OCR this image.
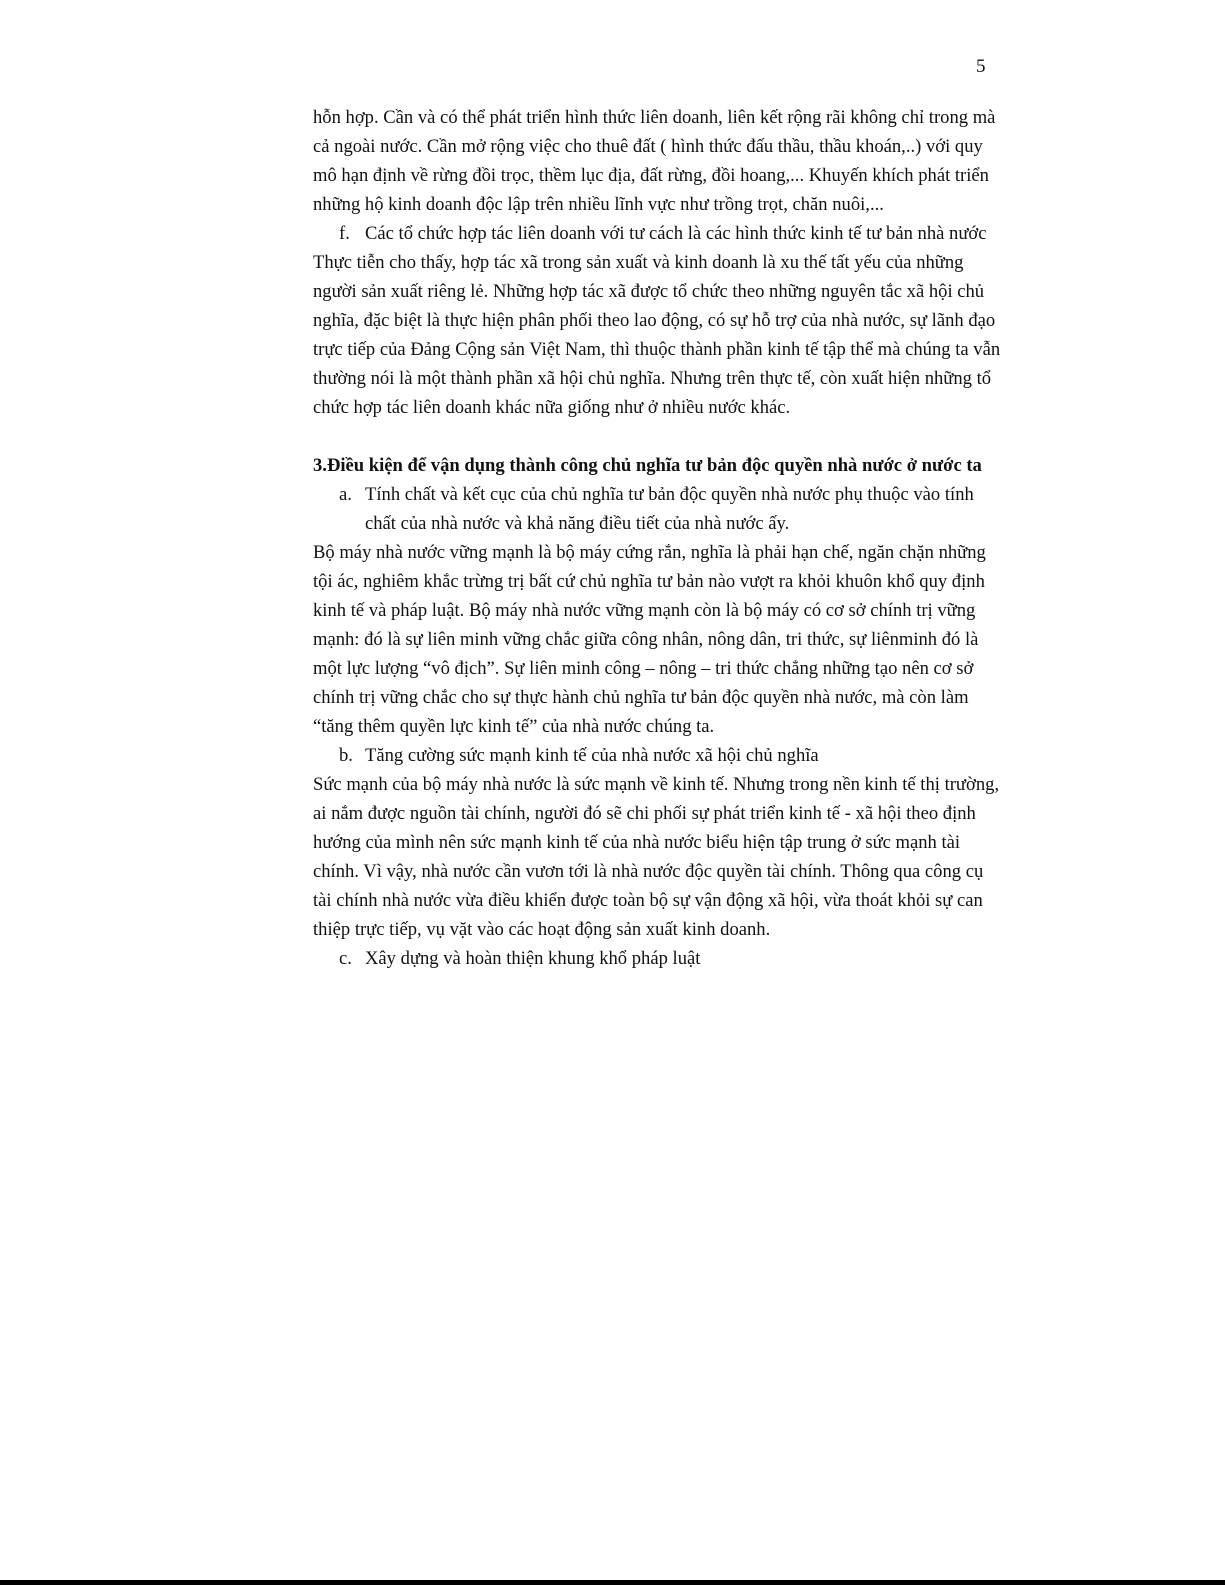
5

hỗn hợp. Cần và có thể phát triển hình thức liên doanh, liên kết rộng rãi không chỉ trong mà cả ngoài nước. Cần mở rộng việc cho thuê đất ( hình thức đấu thầu, thầu khoán,..) với quy mô hạn định về rừng đồi trọc, thềm lục địa, đất rừng, đồi hoang,... Khuyến khích phát triển những hộ kinh doanh độc lập trên nhiều lĩnh vực như trồng trọt, chăn nuôi,...

f. Các tổ chức hợp tác liên doanh với tư cách là các hình thức kinh tế tư bản nhà nước

Thực tiễn cho thấy, hợp tác xã trong sản xuất và kinh doanh là xu thế tất yếu của những người sản xuất riêng lẻ. Những hợp tác xã được tổ chức theo những nguyên tắc xã hội chủ nghĩa, đặc biệt là thực hiện phân phối theo lao động, có sự hỗ trợ của nhà nước, sự lãnh đạo trực tiếp của Đảng Cộng sản Việt Nam, thì thuộc thành phần kinh tế tập thể mà chúng ta vẫn thường nói là một thành phần xã hội chủ nghĩa. Nhưng trên thực tế, còn xuất hiện những tổ chức hợp tác liên doanh khác nữa giống như ở nhiều nước khác.

3.Điều kiện để vận dụng thành công chủ nghĩa tư bản độc quyền nhà nước ở nước ta

a. Tính chất và kết cục của chủ nghĩa tư bản độc quyền nhà nước phụ thuộc vào tính chất của nhà nước và khả năng điều tiết của nhà nước ấy.

Bộ máy nhà nước vững mạnh là bộ máy cứng rắn, nghĩa là phải hạn chế, ngăn chặn những tội ác, nghiêm khắc trừng trị bất cứ chủ nghĩa tư bản nào vượt ra khỏi khuôn khổ quy định kinh tế và pháp luật. Bộ máy nhà nước vững mạnh còn là bộ máy có cơ sở chính trị vững mạnh: đó là sự liên minh vững chắc giữa công nhân, nông dân, tri thức, sự liênminh đó là một lực lượng “vô địch”. Sự liên minh công – nông – tri thức chẳng những tạo nên cơ sở chính trị vững chắc cho sự thực hành chủ nghĩa tư bản độc quyền nhà nước, mà còn làm “tăng thêm quyền lực kinh tế” của nhà nước chúng ta.

b. Tăng cường sức mạnh kinh tế của nhà nước xã hội chủ nghĩa

Sức mạnh của bộ máy nhà nước là sức mạnh về kinh tế. Nhưng trong nền kinh tế thị trường, ai nắm được nguồn tài chính, người đó sẽ chi phối sự phát triển kinh tế - xã hội theo định hướng của mình nên sức mạnh kinh tế của nhà nước biểu hiện tập trung ở sức mạnh tài chính. Vì vậy, nhà nước cần vươn tới là nhà nước độc quyền tài chính. Thông qua công cụ tài chính nhà nước vừa điều khiển được toàn bộ sự vận động xã hội, vừa thoát khỏi sự can thiệp trực tiếp, vụ vặt vào các hoạt động sản xuất kinh doanh.

c. Xây dựng và hoàn thiện khung khổ pháp luật
